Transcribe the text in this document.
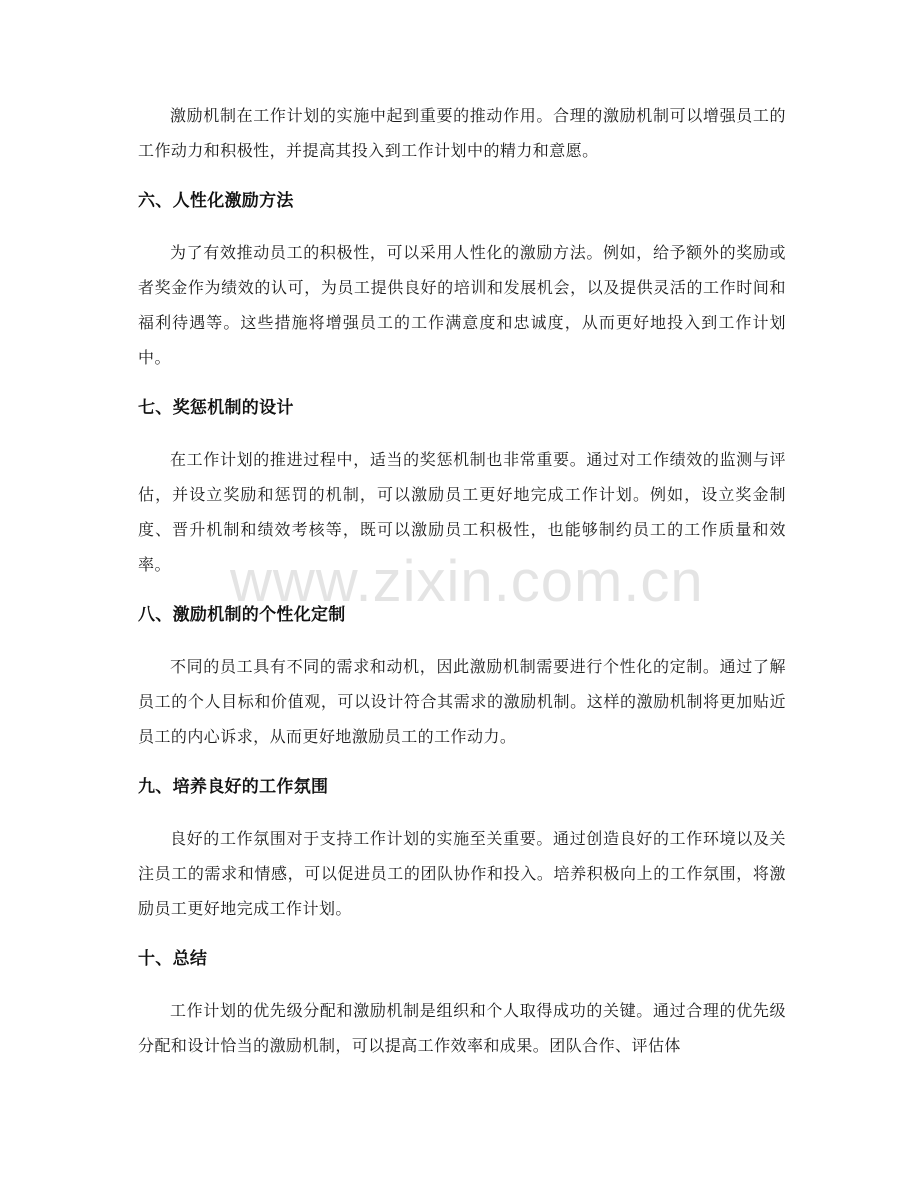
激励机制在工作计划的实施中起到重要的推动作用。合理的激励机制可以增强员工的工作动力和积极性，并提高其投入到工作计划中的精力和意愿。

六、人性化激励方法

为了有效推动员工的积极性，可以采用人性化的激励方法。例如，给予额外的奖励或者奖金作为绩效的认可，为员工提供良好的培训和发展机会，以及提供灵活的工作时间和福利待遇等。这些措施将增强员工的工作满意度和忠诚度，从而更好地投入到工作计划中。

七、奖惩机制的设计

在工作计划的推进过程中，适当的奖惩机制也非常重要。通过对工作绩效的监测与评估，并设立奖励和惩罚的机制，可以激励员工更好地完成工作计划。例如，设立奖金制度、晋升机制和绩效考核等，既可以激励员工积极性，也能够制约员工的工作质量和效率。

八、激励机制的个性化定制

不同的员工具有不同的需求和动机，因此激励机制需要进行个性化的定制。通过了解员工的个人目标和价值观，可以设计符合其需求的激励机制。这样的激励机制将更加贴近员工的内心诉求，从而更好地激励员工的工作动力。

九、培养良好的工作氛围

良好的工作氛围对于支持工作计划的实施至关重要。通过创造良好的工作环境以及关注员工的需求和情感，可以促进员工的团队协作和投入。培养积极向上的工作氛围，将激励员工更好地完成工作计划。

十、总结

工作计划的优先级分配和激励机制是组织和个人取得成功的关键。通过合理的优先级分配和设计恰当的激励机制，可以提高工作效率和成果。团队合作、评估体

www.zixin.com.cn
